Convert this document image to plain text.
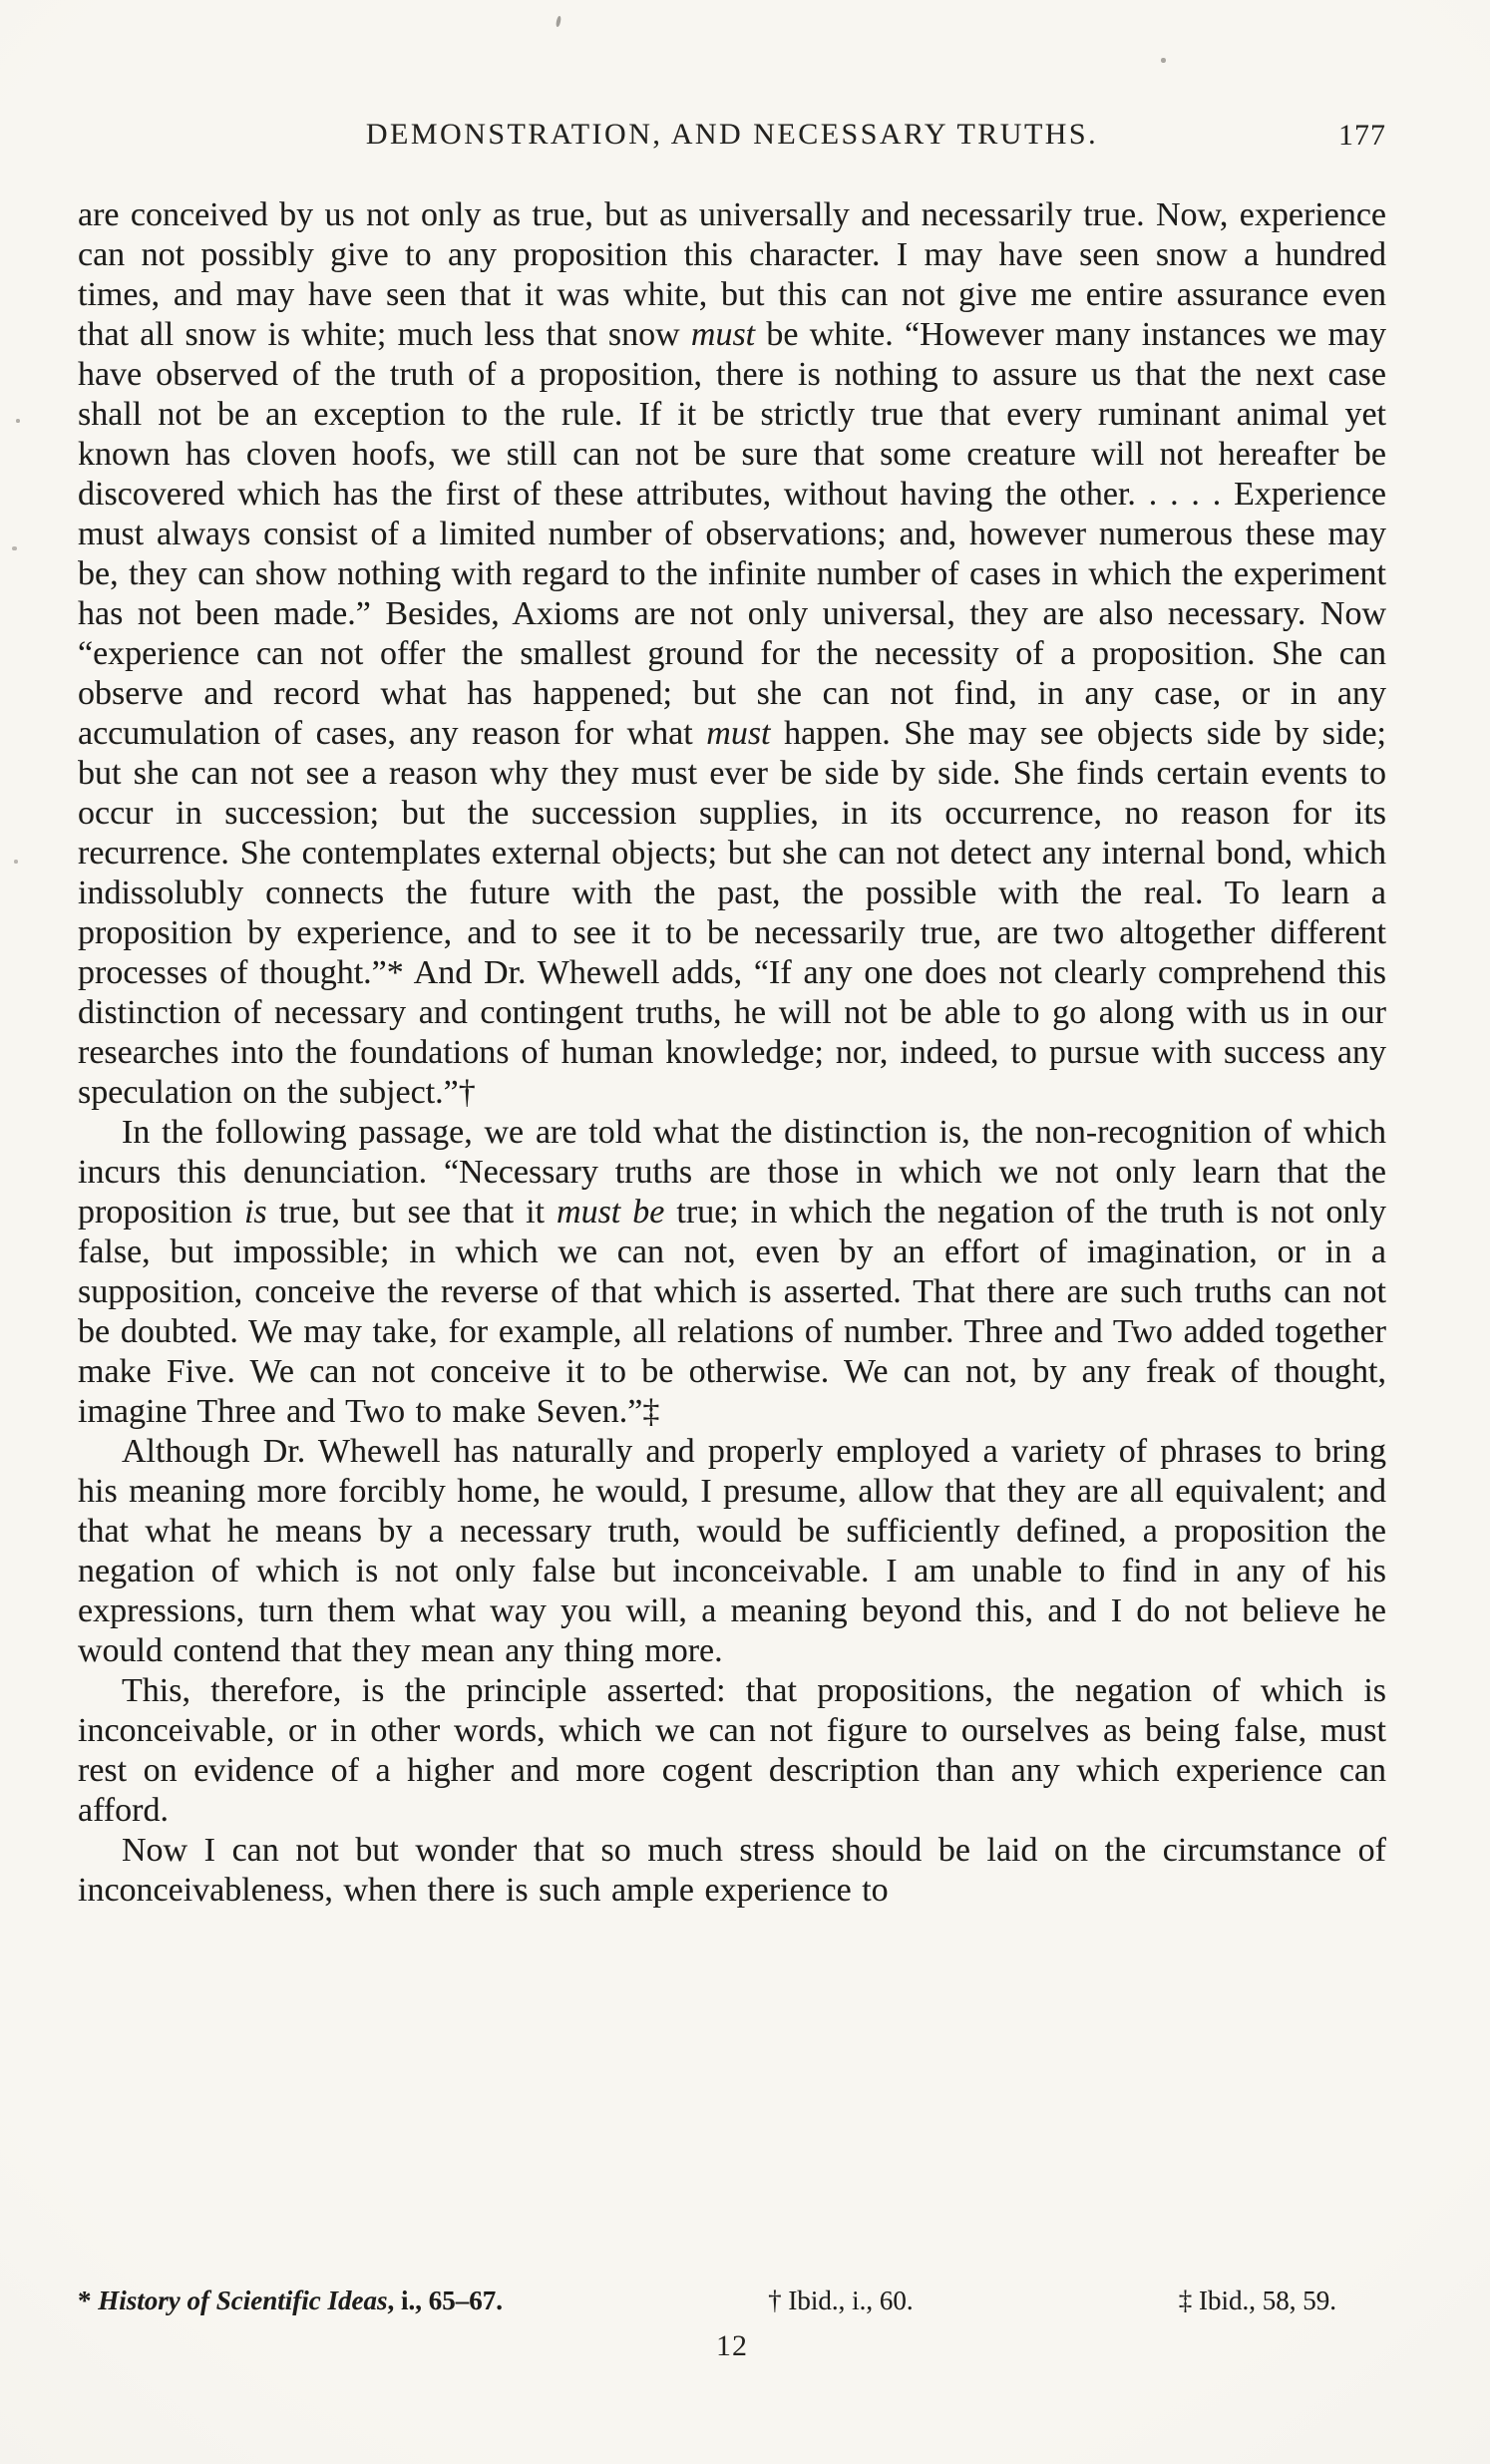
DEMONSTRATION, AND NECESSARY TRUTHS.	177

are conceived by us not only as true, but as universally and necessarily true. Now, experience can not possibly give to any proposition this character. I may have seen snow a hundred times, and may have seen that it was white, but this can not give me entire assurance even that all snow is white; much less that snow must be white. “However many instances we may have observed of the truth of a proposition, there is nothing to assure us that the next case shall not be an exception to the rule. If it be strictly true that every ruminant animal yet known has cloven hoofs, we still can not be sure that some creature will not hereafter be discovered which has the first of these attributes, without having the other. . . . . Experience must always consist of a limited number of observations; and, however numerous these may be, they can show nothing with regard to the infinite number of cases in which the experiment has not been made.” Besides, Axioms are not only universal, they are also necessary. Now “experience can not offer the smallest ground for the necessity of a proposition. She can observe and record what has happened; but she can not find, in any case, or in any accumulation of cases, any reason for what must happen. She may see objects side by side; but she can not see a reason why they must ever be side by side. She finds certain events to occur in succession; but the succession supplies, in its occurrence, no reason for its recurrence. She contemplates external objects; but she can not detect any internal bond, which indissolubly connects the future with the past, the possible with the real. To learn a proposition by experience, and to see it to be necessarily true, are two altogether different processes of thought.”* And Dr. Whewell adds, “If any one does not clearly comprehend this distinction of necessary and contingent truths, he will not be able to go along with us in our researches into the foundations of human knowledge; nor, indeed, to pursue with success any speculation on the subject.”†

In the following passage, we are told what the distinction is, the non-recognition of which incurs this denunciation. “Necessary truths are those in which we not only learn that the proposition is true, but see that it must be true; in which the negation of the truth is not only false, but impossible; in which we can not, even by an effort of imagination, or in a supposition, conceive the reverse of that which is asserted. That there are such truths can not be doubted. We may take, for example, all relations of number. Three and Two added together make Five. We can not conceive it to be otherwise. We can not, by any freak of thought, imagine Three and Two to make Seven.”‡

Although Dr. Whewell has naturally and properly employed a variety of phrases to bring his meaning more forcibly home, he would, I presume, allow that they are all equivalent; and that what he means by a necessary truth, would be sufficiently defined, a proposition the negation of which is not only false but inconceivable. I am unable to find in any of his expressions, turn them what way you will, a meaning beyond this, and I do not believe he would contend that they mean any thing more.

This, therefore, is the principle asserted: that propositions, the negation of which is inconceivable, or in other words, which we can not figure to ourselves as being false, must rest on evidence of a higher and more cogent description than any which experience can afford.

Now I can not but wonder that so much stress should be laid on the circumstance of inconceivableness, when there is such ample experience to

* History of Scientific Ideas, i., 65–67.	† Ibid., i., 60.	‡ Ibid., 58, 59.
12
